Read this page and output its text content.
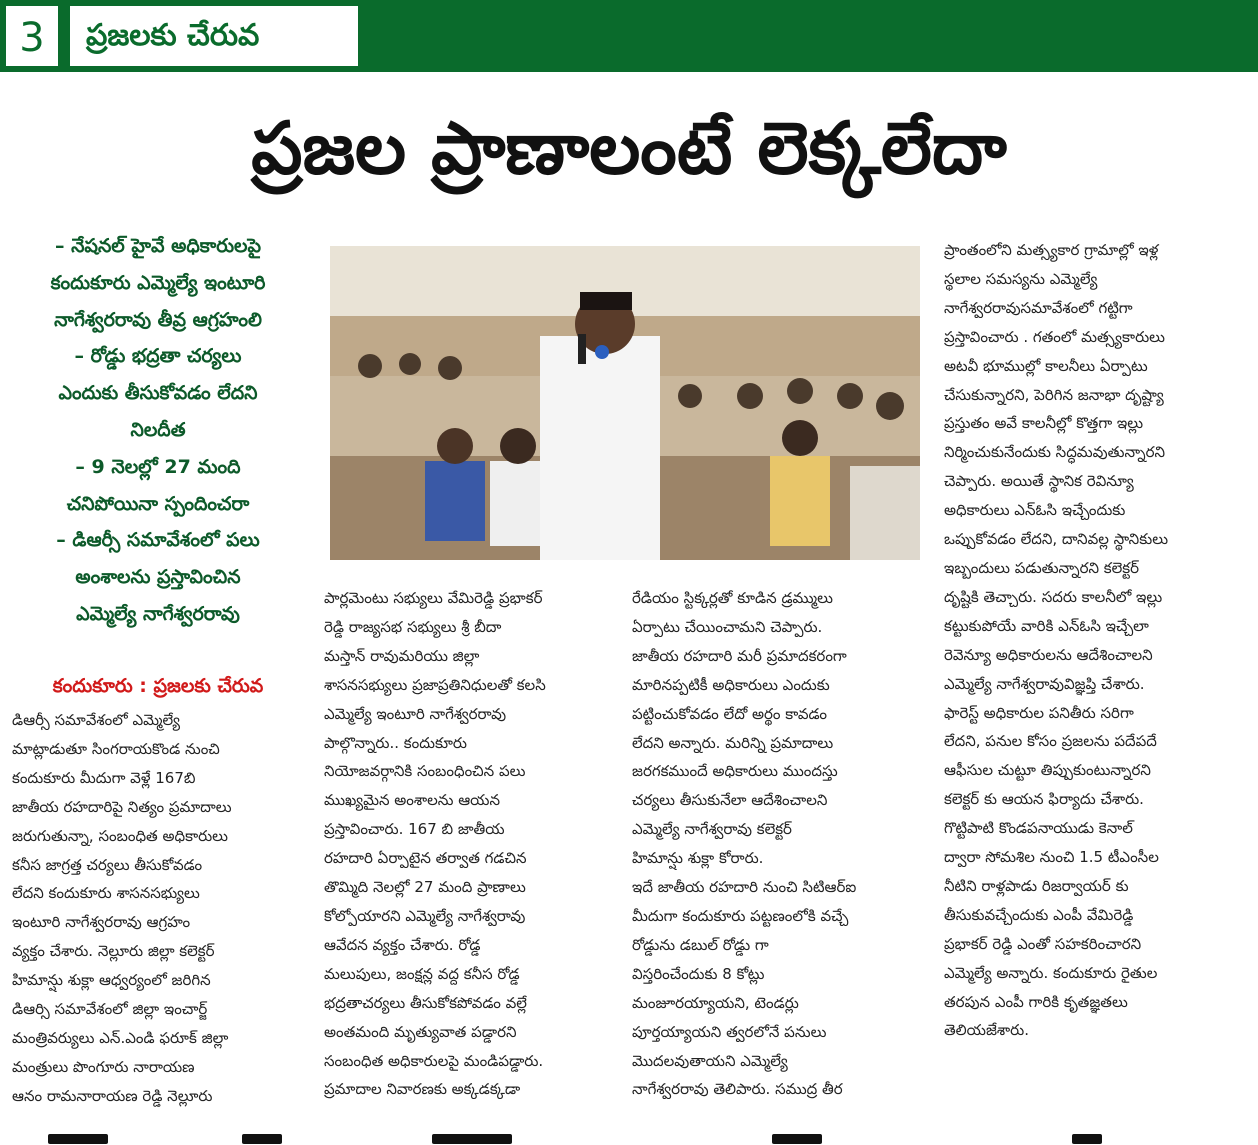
3	ప్రజలకు చేరువ
ప్రజల ప్రాణాలంటే లెక్కలేదా
– నేషనల్ హైవే అధికారులపై
కందుకూరు ఎమ్మెల్యే ఇంటూరి
నాగేశ్వరరావు తీవ్ర ఆగ్రహంలి
– రోడ్డు భద్రతా చర్యలు
ఎందుకు తీసుకోవడం లేదని
నిలదీత
– 9 నెలల్లో 27 మంది
చనిపోయినా స్పందించరా
– డిఆర్సీ సమావేశంలో పలు
అంశాలను ప్రస్తావించిన
ఎమ్మెల్యే నాగేశ్వరరావు
కందుకూరు : ప్రజలకు చేరువ
డిఆర్సీ సమావేశంలో ఎమ్మెల్యే
మాట్లాడుతూ సింగరాయకొండ నుంచి
కందుకూరు మీదుగా వెళ్లే 167బి
జాతీయ రహదారిపై నిత్యం ప్రమాదాలు
జరుగుతున్నా, సంబంధిత అధికారులు
కనీస జాగ్రత్త చర్యలు తీసుకోవడం
లేదని కందుకూరు శాసనసభ్యులు
ఇంటూరి నాగేశ్వరరావు ఆగ్రహం
వ్యక్తం చేశారు. నెల్లూరు జిల్లా కలెక్టర్
హిమాన్షు శుక్లా ఆధ్వర్యంలో జరిగిన
డిఆర్సి సమావేశంలో జిల్లా ఇంచార్జ్
మంత్రివర్యులు ఎన్.ఎండి ఫరూక్ జిల్లా
మంత్రులు పొంగూరు నారాయణ
ఆనం రామనారాయణ రెడ్డి నెల్లూరు
పార్లమెంటు సభ్యులు వేమిరెడ్డి ప్రభాకర్
రెడ్డి రాజ్యసభ సభ్యులు శ్రీ బీదా
మస్తాన్ రావుమరియు జిల్లా
శాసనసభ్యులు ప్రజాప్రతినిధులతో కలసి
ఎమ్మెల్యే ఇంటూరి నాగేశ్వరరావు
పాల్గొన్నారు.. కందుకూరు
నియోజవర్గానికి సంబంధించిన పలు
ముఖ్యమైన అంశాలను ఆయన
ప్రస్తావించారు. 167 బి జాతీయ
రహదారి ఏర్పాటైన తర్వాత గడచిన
తొమ్మిది నెలల్లో 27 మంది ప్రాణాలు
కోల్పోయారని ఎమ్మెల్యే నాగేశ్వరావు
ఆవేదన వ్యక్తం చేశారు. రోడ్డ
మలుపులు, జంక్షన్ల వద్ద కనీస రోడ్డ
భద్రతాచర్యలు తీసుకోకపోవడం వల్లే
అంతమంది మృత్యువాత పడ్డారని
సంబంధిత అధికారులపై మండిపడ్డారు.
ప్రమాదాల నివారణకు అక్కడక్కడా
రేడియం స్టిక్కర్లతో కూడిన డ్రమ్ములు
ఏర్పాటు చేయించామని చెప్పారు.
జాతీయ రహదారి మరీ ప్రమాదకరంగా
మారినప్పటికీ అధికారులు ఎందుకు
పట్టించుకోవడం లేదో అర్థం కావడం
లేదని అన్నారు. మరిన్ని ప్రమాదాలు
జరగకముందే అధికారులు ముందస్తు
చర్యలు తీసుకునేలా ఆదేశించాలని
ఎమ్మెల్యే నాగేశ్వరావు కలెక్టర్
హిమాన్షు శుక్లా కోరారు.
ఇదే జాతీయ రహదారి నుంచి సిటిఆర్ఐ
మీదుగా కందుకూరు పట్టణంలోకి వచ్చే
రోడ్డును డబుల్ రోడ్డు గా
విస్తరించేందుకు 8 కోట్లు
మంజూరయ్యాయని, టెండర్లు
పూర్తయ్యాయని త్వరలోనే పనులు
మొదలవుతాయని ఎమ్మెల్యే
నాగేశ్వరరావు తెలిపారు. సముద్ర తీర
ప్రాంతంలోని మత్స్యకార గ్రామాల్లో ఇళ్ల
స్థలాల సమస్యను ఎమ్మెల్యే
నాగేశ్వరరావుసమావేశంలో గట్టిగా
ప్రస్తావించారు . గతంలో మత్స్యకారులు
అటవీ భూముల్లో కాలనీలు ఏర్పాటు
చేసుకున్నారని, పెరిగిన జనాభా దృష్ట్యా
ప్రస్తుతం అవే కాలనీల్లో కొత్తగా ఇల్లు
నిర్మించుకునేందుకు సిద్ధమవుతున్నారని
చెప్పారు. అయితే స్థానిక రెవిన్యూ
అధికారులు ఎన్ఓసి ఇచ్చేందుకు
ఒప్పుకోవడం లేదని, దానివల్ల స్థానికులు
ఇబ్బందులు పడుతున్నారని కలెక్టర్
దృష్టికి తెచ్చారు. సదరు కాలనీలో ఇల్లు
కట్టుకుపోయే వారికి ఎన్ఓసి ఇచ్చేలా
రెవెన్యూ అధికారులను ఆదేశించాలని
ఎమ్మెల్యే నాగేశ్వరావువిజ్ఞప్తి చేశారు.
ఫారెస్ట్ అధికారుల పనితీరు సరిగా
లేదని, పనుల కోసం ప్రజలను పదేపదే
ఆఫీసుల చుట్టూ తిప్పుకుంటున్నారని
కలెక్టర్ కు ఆయన ఫిర్యాదు చేశారు.
గొట్టిపాటి కొండపనాయుడు కెనాల్
ద్వారా సోమశిల నుంచి 1.5 టీఎంసీల
నీటిని రాళ్లపాడు రిజర్వాయర్ కు
తీసుకువచ్చేందుకు ఎంపీ వేమిరెడ్డి
ప్రభాకర్ రెడ్డి ఎంతో సహకరించారని
ఎమ్మెల్యే అన్నారు. కందుకూరు రైతుల
తరపున ఎంపీ గారికి కృతజ్ఞతలు
తెలియజేశారు.
